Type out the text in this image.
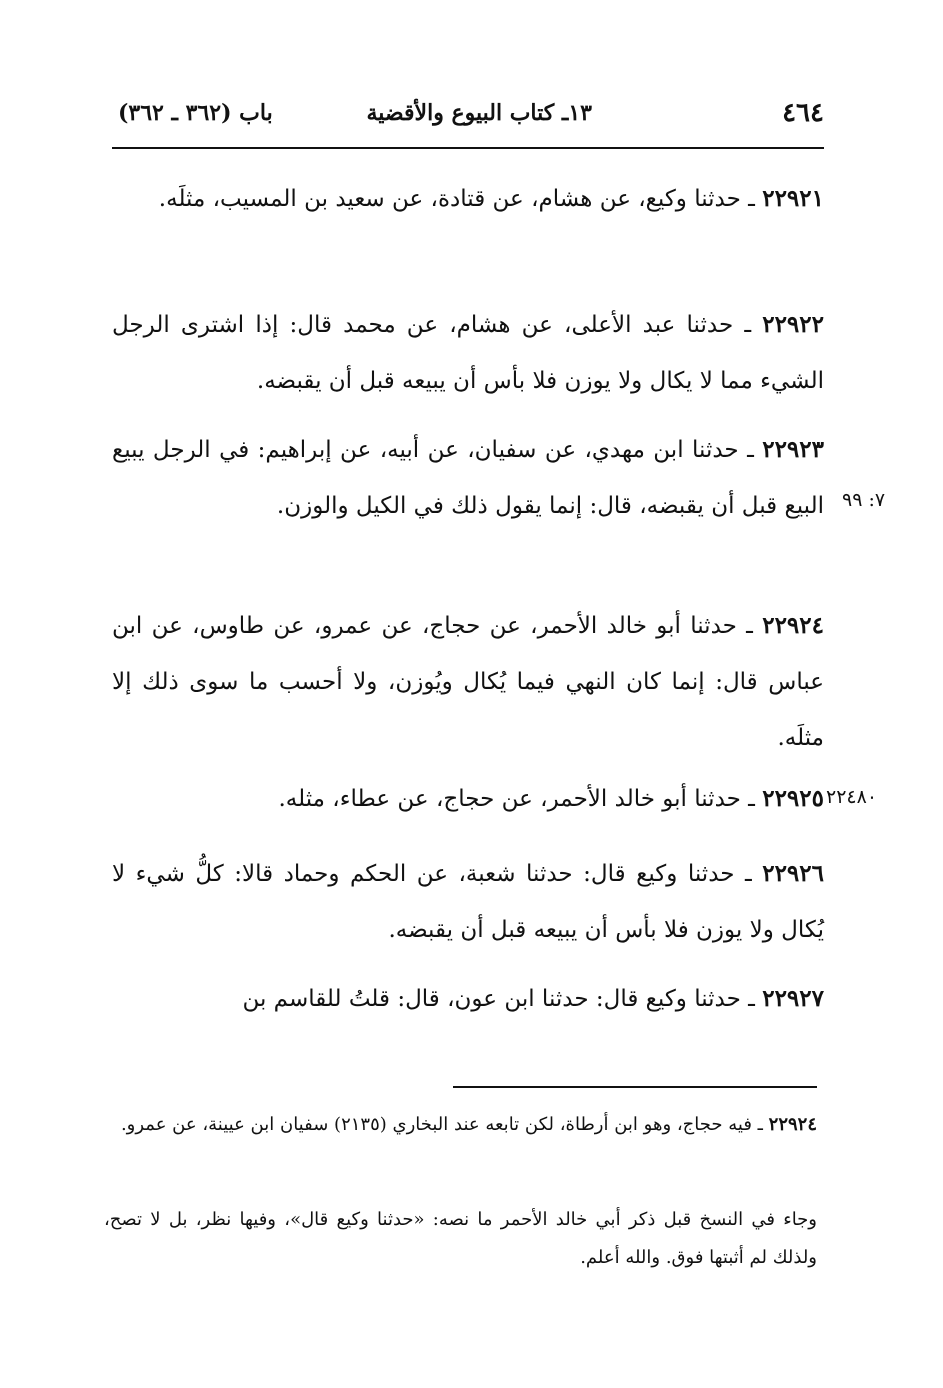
٤٦٤
١٣ـ كتاب البيوع والأقضية
باب (٣٦٢ ـ ٣٦٢)

٢٢٩٢١ ـ حدثنا وكيع، عن هشام، عن قتادة، عن سعيد بن المسيب، مثلَه.

٢٢٩٢٢ ـ حدثنا عبد الأعلى، عن هشام، عن محمد قال: إذا اشترى الرجل الشيء مما لا يكال ولا يوزن فلا بأس أن يبيعه قبل أن يقبضه.

٢٢٩٢٣ ـ حدثنا ابن مهدي، عن سفيان، عن أبيه، عن إبراهيم: في الرجل يبيع البيع قبل أن يقبضه، قال: إنما يقول ذلك في الكيل والوزن. ٧: ٩٩

٢٢٩٢٤ ـ حدثنا أبو خالد الأحمر، عن حجاج، عن عمرو، عن طاوس، عن ابن عباس قال: إنما كان النهي فيما يُكال ويُوزن، ولا أحسب ما سوى ذلك إلا مثلَه.

٢٢٩٢٥ ـ حدثنا أبو خالد الأحمر، عن حجاج، عن عطاء، مثله.	٢٢٤٨٠

٢٢٩٢٦ ـ حدثنا وكيع قال: حدثنا شعبة، عن الحكم وحماد قالا: كلُّ شيء لا يُكال ولا يوزن فلا بأس أن يبيعه قبل أن يقبضه.

٢٢٩٢٧ ـ حدثنا وكيع قال: حدثنا ابن عون، قال: قلتُ للقاسم بن

٢٢٩٢٤ ـ فيه حجاج، وهو ابن أرطاة، لكن تابعه عند البخاري (٢١٣٥) سفيان ابن عيينة، عن عمرو.

وجاء في النسخ قبل ذكر أبي خالد الأحمر ما نصه: «حدثنا وكيع قال»، وفيها نظر، بل لا تصح، ولذلك لم أثبتها فوق. والله أعلم.
